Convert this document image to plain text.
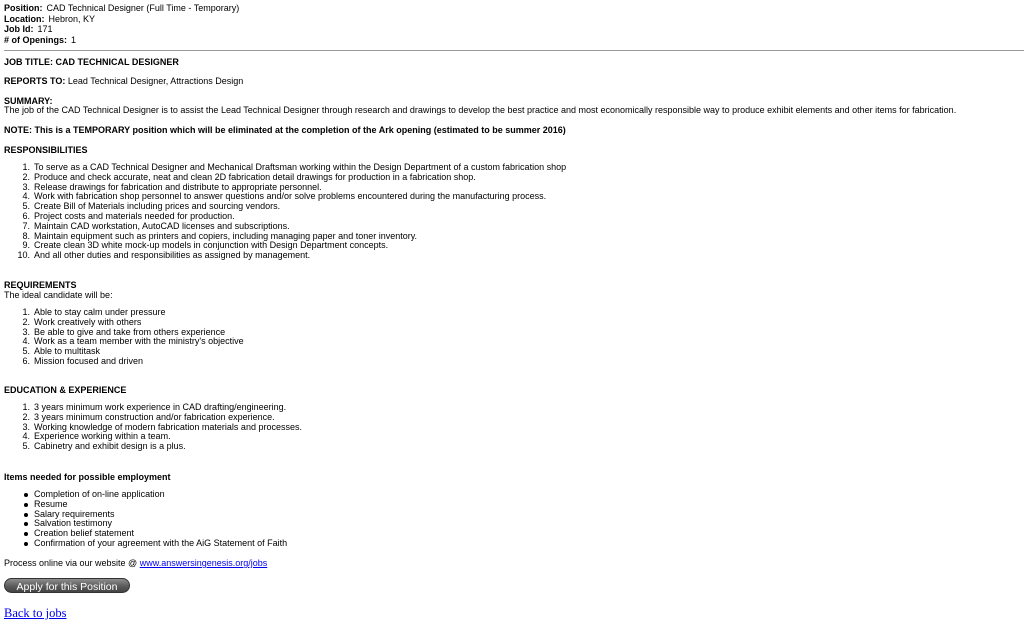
Position: CAD Technical Designer (Full Time - Temporary)
Location: Hebron, KY
Job Id: 171
# of Openings: 1
JOB TITLE: CAD TECHNICAL DESIGNER
REPORTS TO: Lead Technical Designer, Attractions Design
SUMMARY:
The job of the CAD Technical Designer is to assist the Lead Technical Designer through research and drawings to develop the best practice and most economically responsible way to produce exhibit elements and other items for fabrication.
NOTE: This is a TEMPORARY position which will be eliminated at the completion of the Ark opening (estimated to be summer 2016)
RESPONSIBILITIES
1. To serve as a CAD Technical Designer and Mechanical Draftsman working within the Design Department of a custom fabrication shop
2. Produce and check accurate, neat and clean 2D fabrication detail drawings for production in a fabrication shop.
3. Release drawings for fabrication and distribute to appropriate personnel.
4. Work with fabrication shop personnel to answer questions and/or solve problems encountered during the manufacturing process.
5. Create Bill of Materials including prices and sourcing vendors.
6. Project costs and materials needed for production.
7. Maintain CAD workstation, AutoCAD licenses and subscriptions.
8. Maintain equipment such as printers and copiers, including managing paper and toner inventory.
9. Create clean 3D white mock-up models in conjunction with Design Department concepts.
10. And all other duties and responsibilities as assigned by management.
REQUIREMENTS
The ideal candidate will be:
1. Able to stay calm under pressure
2. Work creatively with others
3. Be able to give and take from others experience
4. Work as a team member with the ministry's objective
5. Able to multitask
6. Mission focused and driven
EDUCATION & EXPERIENCE
1. 3 years minimum work experience in CAD drafting/engineering.
2. 3 years minimum construction and/or fabrication experience.
3. Working knowledge of modern fabrication materials and processes.
4. Experience working within a team.
5. Cabinetry and exhibit design is a plus.
Items needed for possible employment
Completion of on-line application
Resume
Salary requirements
Salvation testimony
Creation belief statement
Confirmation of your agreement with the AiG Statement of Faith
Process online via our website @ www.answersingenesis.org/jobs
Apply for this Position
Back to jobs
